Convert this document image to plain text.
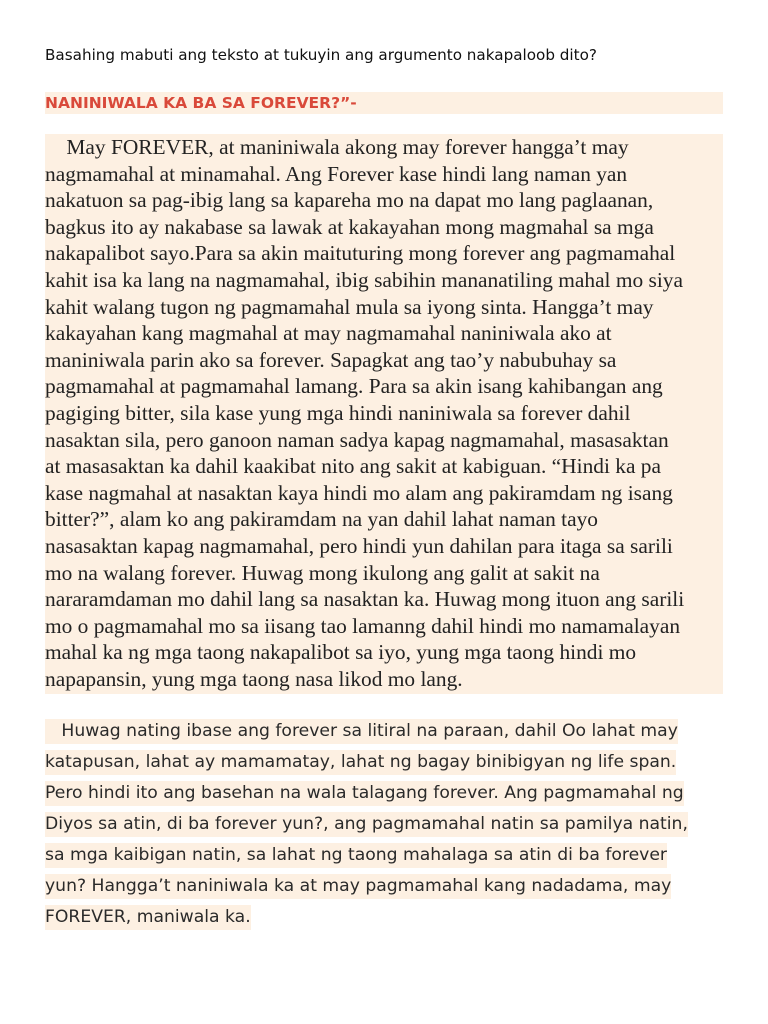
Basahing mabuti ang teksto at tukuyin ang argumento nakapaloob dito?
NANINIWALA KA BA SA FOREVER?”-
May FOREVER, at maniniwala akong may forever hangga’t may
nagmamahal at minamahal. Ang Forever kase hindi lang naman yan
nakatuon sa pag-ibig lang sa kapareha mo na dapat mo lang paglaanan,
bagkus ito ay nakabase sa lawak at kakayahan mong magmahal sa mga
nakapalibot sayo.Para sa akin maituturing mong forever ang pagmamahal
kahit isa ka lang na nagmamahal, ibig sabihin mananatiling mahal mo siya
kahit walang tugon ng pagmamahal mula sa iyong sinta. Hangga’t may
kakayahan kang magmahal at may nagmamahal naniniwala ako at
maniniwala parin ako sa forever. Sapagkat ang tao’y nabubuhay sa
pagmamahal at pagmamahal lamang. Para sa akin isang kahibangan ang
pagiging bitter, sila kase yung mga hindi naniniwala sa forever dahil
nasaktan sila, pero ganoon naman sadya kapag nagmamahal, masasaktan
at masasaktan ka dahil kaakibat nito ang sakit at kabiguan. “Hindi ka pa
kase nagmahal at nasaktan kaya hindi mo alam ang pakiramdam ng isang
bitter?”, alam ko ang pakiramdam na yan dahil lahat naman tayo
nasasaktan kapag nagmamahal, pero hindi yun dahilan para itaga sa sarili
mo na walang forever. Huwag mong ikulong ang galit at sakit na
nararamdaman mo dahil lang sa nasaktan ka. Huwag mong ituon ang sarili
mo o pagmamahal mo sa iisang tao lamanng dahil hindi mo namamalayan
mahal ka ng mga taong nakapalibot sa iyo, yung mga taong hindi mo
napapansin, yung mga taong nasa likod mo lang.
Huwag nating ibase ang forever sa litiral na paraan, dahil Oo lahat may
katapusan, lahat ay mamamatay, lahat ng bagay binibigyan ng life span.
Pero hindi ito ang basehan na wala talagang forever. Ang pagmamahal ng
Diyos sa atin, di ba forever yun?, ang pagmamahal natin sa pamilya natin,
sa mga kaibigan natin, sa lahat ng taong mahalaga sa atin di ba forever
yun? Hangga’t naniniwala ka at may pagmamahal kang nadadama, may
FOREVER, maniwala ka.
